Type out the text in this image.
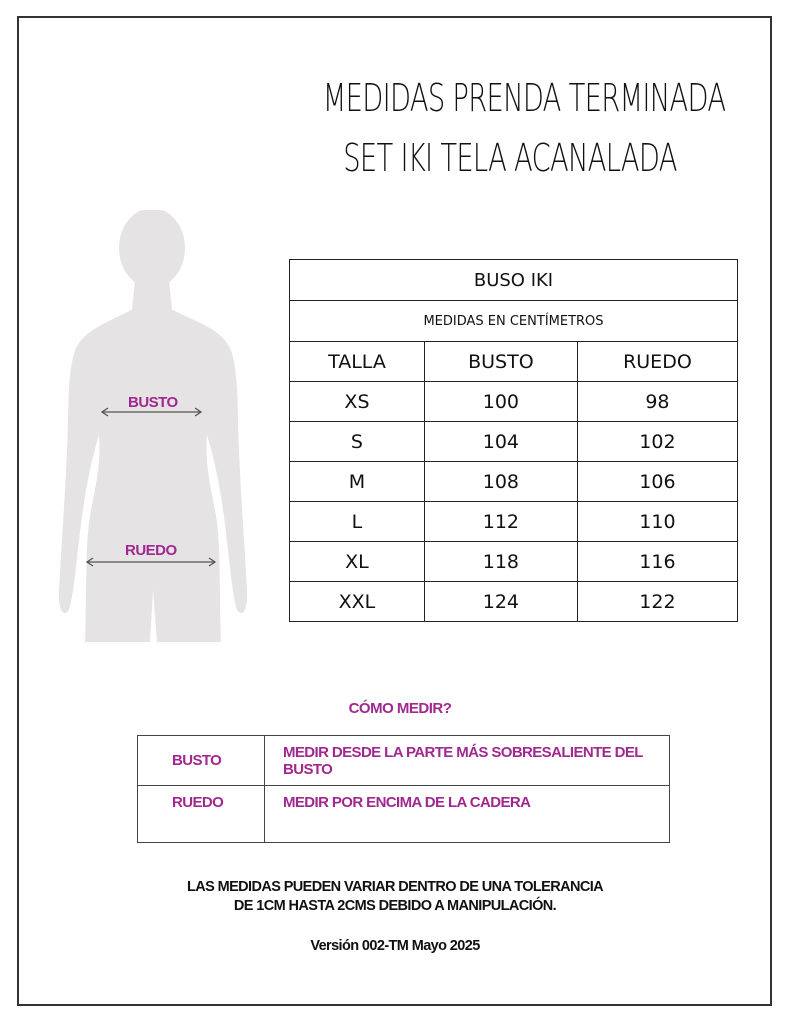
MEDIDAS PRENDA TERMINADA
SET IKI TELA ACANALADA
BUSTO
RUEDO
BUSO IKI		
MEDIDAS EN CENTÍMETROS		
TALLA	BUSTO	RUEDO
XS	100	98
S	104	102
M	108	106
L	112	110
XL	118	116
XXL	124	122
CÓMO MEDIR?
BUSTO	MEDIR DESDE LA PARTE MÁS SOBRESALIENTE DEL BUSTO
RUEDO	MEDIR POR ENCIMA DE LA CADERA
LAS MEDIDAS PUEDEN VARIAR DENTRO DE UNA TOLERANCIA
DE 1CM HASTA 2CMS DEBIDO A MANIPULACIÓN.
Versión 002-TM Mayo 2025
